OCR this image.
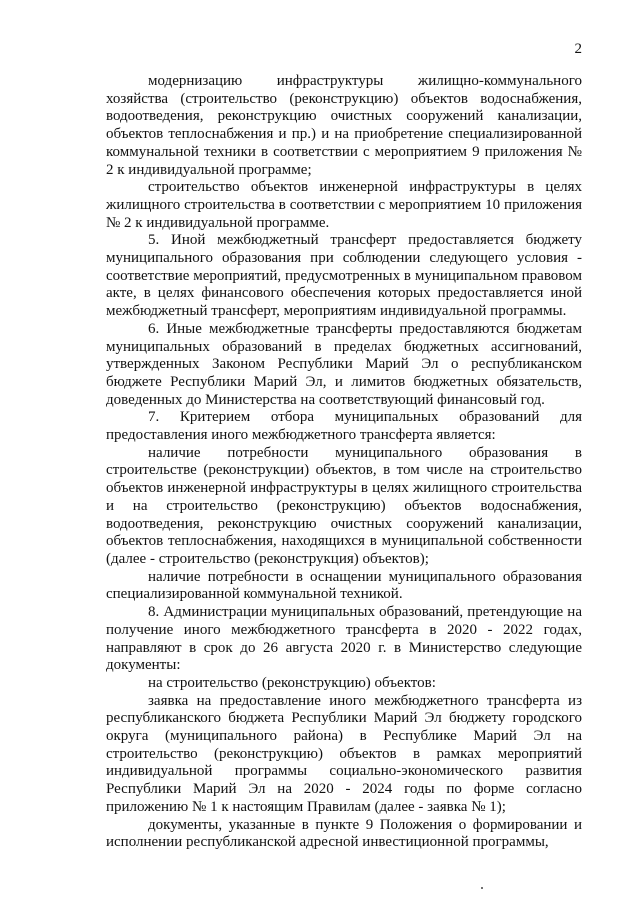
2

модернизацию инфраструктуры жилищно-коммунального хозяйства (строительство (реконструкцию) объектов водоснабжения, водоотведения, реконструкцию очистных сооружений канализации, объектов теплоснабжения и пр.) и на приобретение специализированной коммунальной техники в соответствии с мероприятием 9 приложения № 2 к индивидуальной программе;

строительство объектов инженерной инфраструктуры в целях жилищного строительства в соответствии с мероприятием 10 приложения № 2 к индивидуальной программе.

5. Иной межбюджетный трансферт предоставляется бюджету муниципального образования при соблюдении следующего условия - соответствие мероприятий, предусмотренных в муниципальном правовом акте, в целях финансового обеспечения которых предоставляется иной межбюджетный трансферт, мероприятиям индивидуальной программы.

6. Иные межбюджетные трансферты предоставляются бюджетам муниципальных образований в пределах бюджетных ассигнований, утвержденных Законом Республики Марий Эл о республиканском бюджете Республики Марий Эл, и лимитов бюджетных обязательств, доведенных до Министерства на соответствующий финансовый год.

7. Критерием отбора муниципальных образований для предоставления иного межбюджетного трансферта является:

наличие потребности муниципального образования в строительстве (реконструкции) объектов, в том числе на строительство объектов инженерной инфраструктуры в целях жилищного строительства и на строительство (реконструкцию) объектов водоснабжения, водоотведения, реконструкцию очистных сооружений канализации, объектов теплоснабжения, находящихся в муниципальной собственности (далее - строительство (реконструкция) объектов);

наличие потребности в оснащении муниципального образования специализированной коммунальной техникой.

8. Администрации муниципальных образований, претендующие на получение иного межбюджетного трансферта в 2020 - 2022 годах, направляют в срок до 26 августа 2020 г. в Министерство следующие документы:

на строительство (реконструкцию) объектов:

заявка на предоставление иного межбюджетного трансферта из республиканского бюджета Республики Марий Эл бюджету городского округа (муниципального района) в Республике Марий Эл на строительство (реконструкцию) объектов в рамках мероприятий индивидуальной программы социально-экономического развития Республики Марий Эл на 2020 - 2024 годы по форме согласно приложению № 1 к настоящим Правилам (далее - заявка № 1);

документы, указанные в пункте 9 Положения о формировании и исполнении республиканской адресной инвестиционной программы,
